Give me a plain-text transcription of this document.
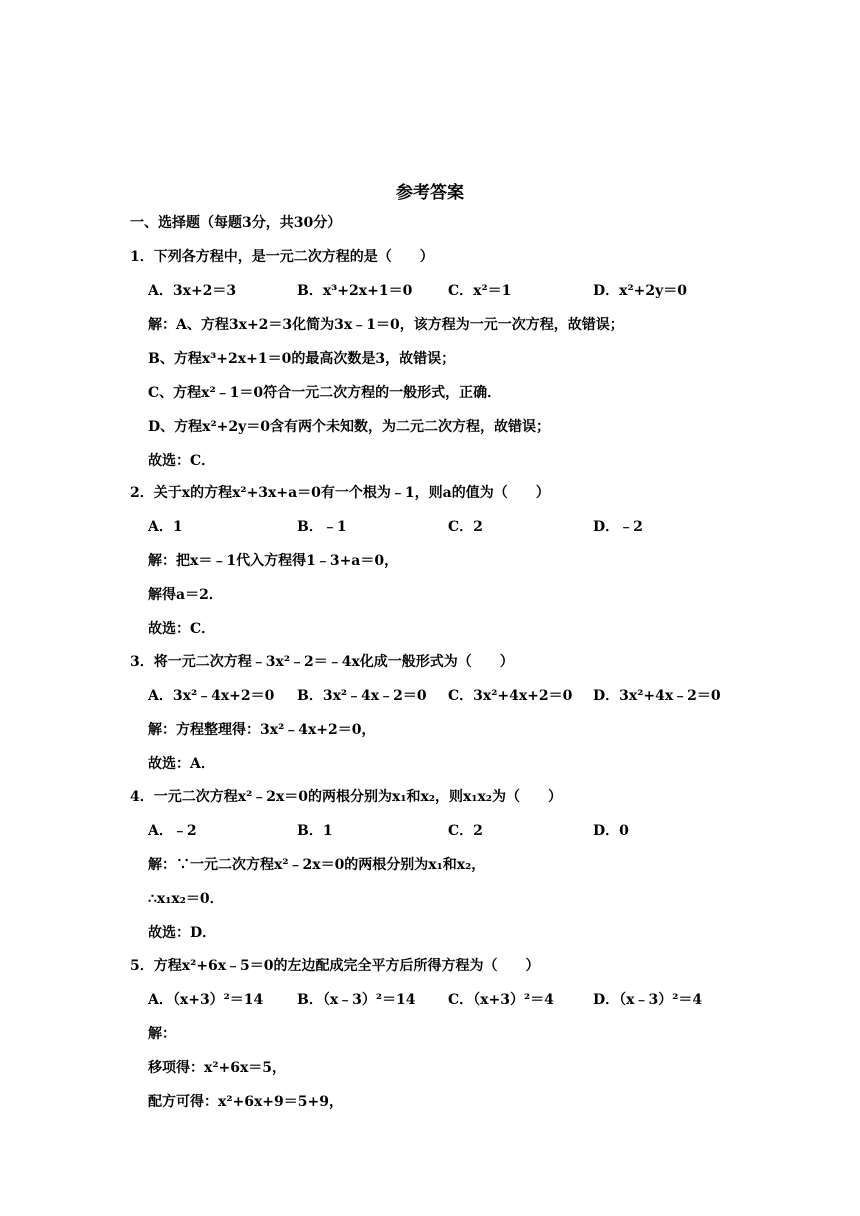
参考答案
一、选择题（每题3分，共30分）
1．下列各方程中，是一元二次方程的是（　　）
A．3x+2＝3	B．x³+2x+1＝0	C．x²＝1	D．x²+2y＝0
解：A、方程3x+2＝3化简为3x﹣1＝0，该方程为一元一次方程，故错误；
B、方程x³+2x+1＝0的最高次数是3，故错误；
C、方程x²﹣1＝0符合一元二次方程的一般形式，正确．
D、方程x²+2y＝0含有两个未知数，为二元二次方程，故错误；
故选：C．
2．关于x的方程x²+3x+a＝0有一个根为﹣1，则a的值为（　　）
A．1	B．﹣1	C．2	D．﹣2
解：把x＝﹣1代入方程得1﹣3+a＝0，
解得a＝2．
故选：C．
3．将一元二次方程﹣3x²﹣2＝﹣4x化成一般形式为（　　）
A．3x²﹣4x+2＝0 B．3x²﹣4x﹣2＝0 C．3x²+4x+2＝0 D．3x²+4x﹣2＝0
解：方程整理得：3x²﹣4x+2＝0，
故选：A．
4．一元二次方程x²﹣2x＝0的两根分别为x₁和x₂，则x₁x₂为（　　）
A．﹣2	B．1	C．2	D．0
解：∵一元二次方程x²﹣2x＝0的两根分别为x₁和x₂，
∴x₁x₂＝0．
故选：D．
5．方程x²+6x﹣5＝0的左边配成完全平方后所得方程为（　　）
A．（x+3）²＝14 B．（x﹣3）²＝14 C．（x+3）²＝4	D．（x﹣3）²＝4
解：
移项得：x²+6x＝5，
配方可得：x²+6x+9＝5+9，
